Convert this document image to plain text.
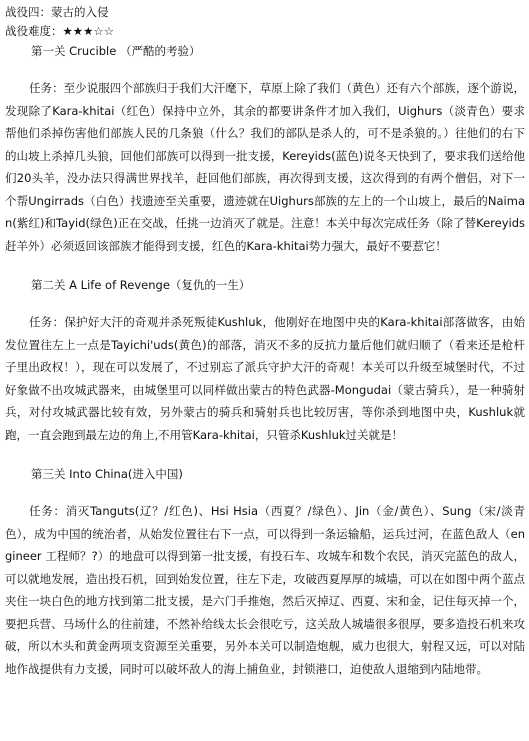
战役四：蒙古的入侵
战役难度：★★★☆☆
第一关 Crucible （严酷的考验）

任务：至少说服四个部族归于我们大汗麾下，草原上除了我们（黄色）还有六个部族，逐个游说，发现除了Kara-khitai（红色）保持中立外，其余的都要讲条件才加入我们，Uighurs（淡青色）要求帮他们杀掉伤害他们部族人民的几条狼（什么？我们的部队是杀人的，可不是杀狼的。）往他们的右下的山坡上杀掉几头狼，回他们部族可以得到一批支援，Kereyids(蓝色)说冬天快到了，要求我们送给他们20头羊，没办法只得满世界找羊，赶回他们部族，再次得到支援，这次得到的有两个僧侣，对下一个帮Ungirrads（白色）找遗迹至关重要，遗迹就在Uighurs部族的左上的一个山坡上，最后的Naiman(紫红)和Tayid(绿色)正在交战，任挑一边消灭了就是。注意！本关中每次完成任务（除了替Kereyids赶羊外）必须返回该部族才能得到支援，红色的Kara-khitai势力强大，最好不要惹它！

第二关 A Life of Revenge（复仇的一生）

任务：保护好大汗的奇观并杀死叛徒Kushluk，他刚好在地图中央的Kara-khitai部落做客，由始发位置往左上一点是Tayichi'uds(黄色)的部落，消灭不多的反抗力量后他们就归顺了（看来还是枪杆子里出政权！），现在可以发展了，不过别忘了派兵守护大汗的奇观！本关可以升级至城堡时代，不过好象做不出攻城武器来，由城堡里可以同样做出蒙古的特色武器-Mongudai（蒙古骑兵），是一种骑射兵，对付攻城武器比较有效，另外蒙古的骑兵和骑射兵也比较厉害，等你杀到地图中央，Kushluk就跑，一直会跑到最左边的角上,不用管Kara-khitai，只管杀Kushluk过关就是！

第三关 Into China(进入中国)

任务：消灭Tanguts(辽？/红色)、Hsi Hsia（西夏？/绿色）、Jin（金/黄色）、Sung（宋/淡青色），成为中国的统治者，从始发位置往右下一点，可以得到一条运输船，运兵过河，在蓝色敌人（engineer 工程师？?）的地盘可以得到第一批支援，有投石车、攻城车和数个农民，消灭完蓝色的敌人，可以就地发展，造出投石机，回到始发位置，往左下走，攻破西夏厚厚的城墙，可以在如图中两个蓝点夹住一块白色的地方找到第二批支援，是六门手推炮，然后灭掉辽、西夏、宋和金，记住每灭掉一个，要把兵营、马场什么的往前建，不然补给线太长会很吃亏，这关敌人城墙很多很厚，要多造投石机来攻破，所以木头和黄金两项支资源至关重要，另外本关可以制造炮舰，威力也很大，射程又远，可以对陆地作战提供有力支援，同时可以破坏敌人的海上捕鱼业，封锁港口，迫使敌人退缩到内陆地带。
